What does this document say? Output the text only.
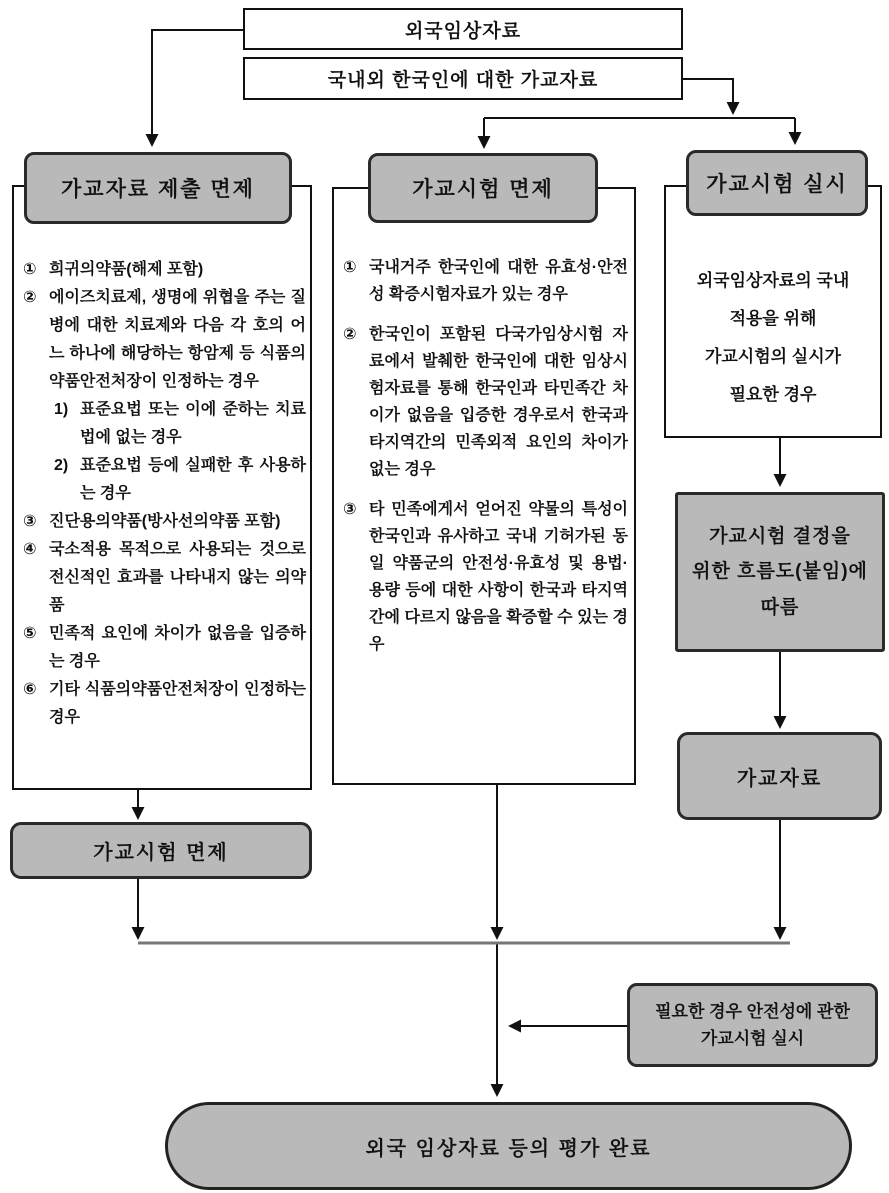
외국임상자료
국내외 한국인에 대한 가교자료
가교자료 제출 면제
① 희귀의약품(해제 포함)
② 에이즈치료제, 생명에 위협을 주는 질병에 대한 치료제와 다음 각 호의 어느 하나에 해당하는 항암제 등 식품의약품안전처장이 인정하는 경우
1) 표준요법 또는 이에 준하는 치료법에 없는 경우
2) 표준요법 등에 실패한 후 사용하는 경우
③ 진단용의약품(방사선의약품 포함)
④ 국소적용 목적으로 사용되는 것으로 전신적인 효과를 나타내지 않는 의약품
⑤ 민족적 요인에 차이가 없음을 입증하는 경우
⑥ 기타 식품의약품안전처장이 인정하는 경우
가교시험 면제
가교시험 면제
① 국내거주 한국인에 대한 유효성·안전성 확증시험자료가 있는 경우
② 한국인이 포함된 다국가임상시험 자료에서 발췌한 한국인에 대한 임상시험자료를 통해 한국인과 타민족간 차이가 없음을 입증한 경우로서 한국과 타지역간의 민족외적 요인의 차이가 없는 경우
③ 타 민족에게서 얻어진 약물의 특성이 한국인과 유사하고 국내 기허가된 동일 약품군의 안전성·유효성 및 용법·용량 등에 대한 사항이 한국과 타지역간에 다르지 않음을 확증할 수 있는 경우
가교시험 실시
외국임상자료의 국내
적용을 위해
가교시험의 실시가
필요한 경우
가교시험 결정을
위한 흐름도(붙임)에
따름
가교자료
필요한 경우 안전성에 관한
가교시험 실시
외국 임상자료 등의 평가 완료
